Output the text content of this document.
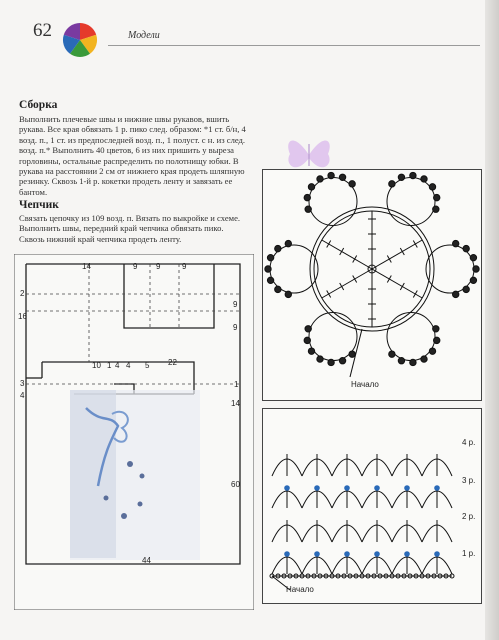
62	Модели
Сборка
Выполнить плечевые швы и нижние швы рукавов, вшить
рукава. Все края обвязать 1 р. пико след. образом: *1 ст. б/н, 4
возд. п., 1 ст. из предпоследней возд. п., 1 полуст. с н. из след.
возд. п.* Выполнить 40 цветов, 6 из них пришить у выреза
горловины, остальные распределить по полотнищу юбки. В
рукава на расстоянии 2 см от нижнего края продеть шляпную
резинку. Сквозь 1-й р. кокетки продеть ленту и завязать ее
бантом.
Чепчик
Связать цепочку из 109 возд. п. Вязать по выкройке и схеме.
Выполнить швы, передний край чепчика обвязать пико.
Сквозь нижний край чепчика продеть ленту.
14	9 9	9
2
16
3
4
9
9
1
14
60
10 1 4 4 5 22
44
Начало
4 р.
3 р.
2 р.
1 р.
Начало
